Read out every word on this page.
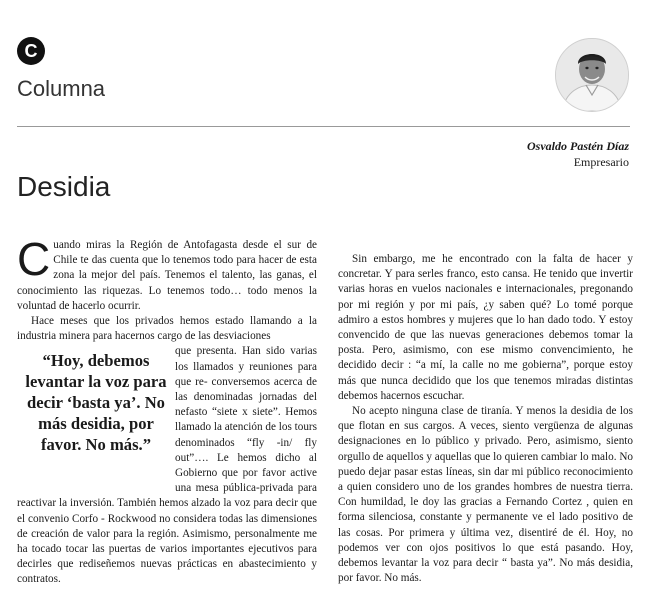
C
Columna
Osvaldo Pastén Díaz
Empresario
Desidia

Cuando miras la Región de Antofagasta desde el sur de Chile te das cuenta que lo tenemos todo para hacer de esta zona la mejor del país. Tenemos el talento, las ganas, el conocimiento las riquezas. Lo tenemos todo… todo menos la voluntad de hacerlo ocurrir.

Hace meses que los privados hemos estado llamando a la industria minera para hacernos cargo de las desviaciones

“Hoy, debemos levantar la voz para decir ‘basta ya’. No más desidia, por favor. No más.”

que presenta. Han sido varias los llamados y reuniones para que re- conversemos acerca de las denominadas jornadas del nefasto “siete x siete”. Hemos llamado la atención de los tours denominados “fly -in/ fly out”…. Le hemos dicho al Gobierno que por favor active una mesa pública-privada para reactivar la inversión. También hemos alzado la voz para decir que el convenio Corfo - Rockwood no considera todas las dimensiones de creación de valor para la región. Asimismo, personalmente me ha tocado tocar las puertas de varios importantes ejecutivos para decirles que rediseñemos nuevas prácticas en abastecimiento y contratos.

Sin embargo, me he encontrado con la falta de hacer y concretar. Y para serles franco, esto cansa. He tenido que invertir varias horas en vuelos nacionales e internacionales, pregonando por mi región y por mi país, ¿y saben qué? Lo tomé porque admiro a estos hombres y mujeres que lo han dado todo. Y estoy convencido de que las nuevas generaciones debemos tomar la posta. Pero, asimismo, con ese mismo convencimiento, he decidido decir : “a mí, la calle no me gobierna”, porque estoy más que nunca decidido que los que tenemos miradas distintas debemos hacernos escuchar.

No acepto ninguna clase de tiranía. Y menos la desidia de los que flotan en sus cargos. A veces, siento vergüenza de algunas designaciones en lo público y privado. Pero, asimismo, siento orgullo de aquellos y aquellas que lo quieren cambiar lo malo. No puedo dejar pasar estas líneas, sin dar mi público reconocimiento a quien considero uno de los grandes hombres de nuestra tierra. Con humildad, le doy las gracias a Fernando Cortez , quien en forma silenciosa, constante y permanente ve el lado positivo de las cosas. Por primera y última vez, disentiré de él. Hoy, no podemos ver con ojos positivos lo que está pasando. Hoy, debemos levantar la voz para decir “ basta ya”. No más desidia, por favor. No más.
